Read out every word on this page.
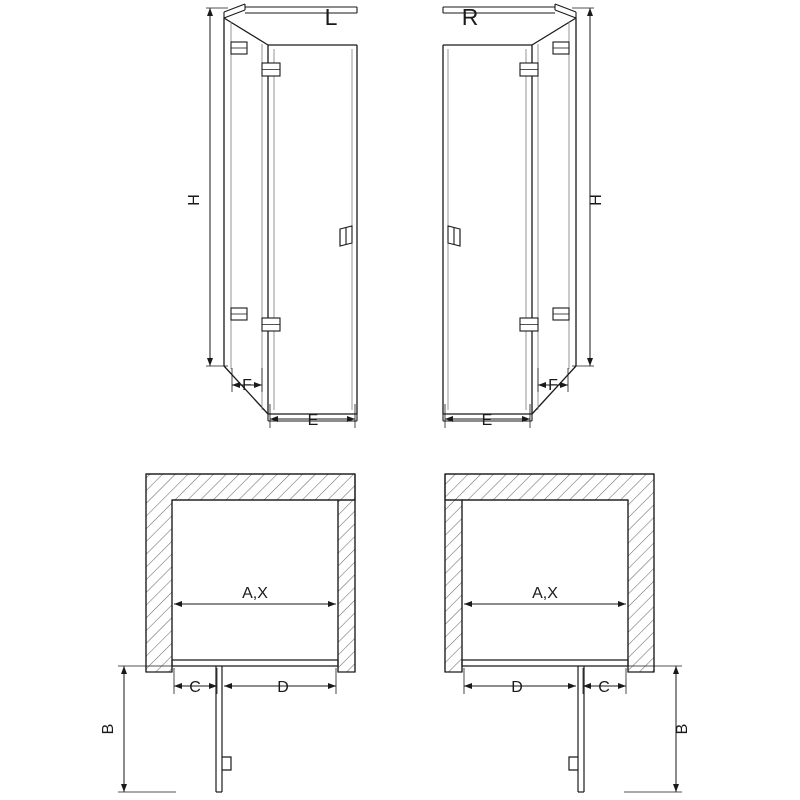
H
F
E
L
H
F
E
R
A,X
C	D
B
A,X
D	C
B
